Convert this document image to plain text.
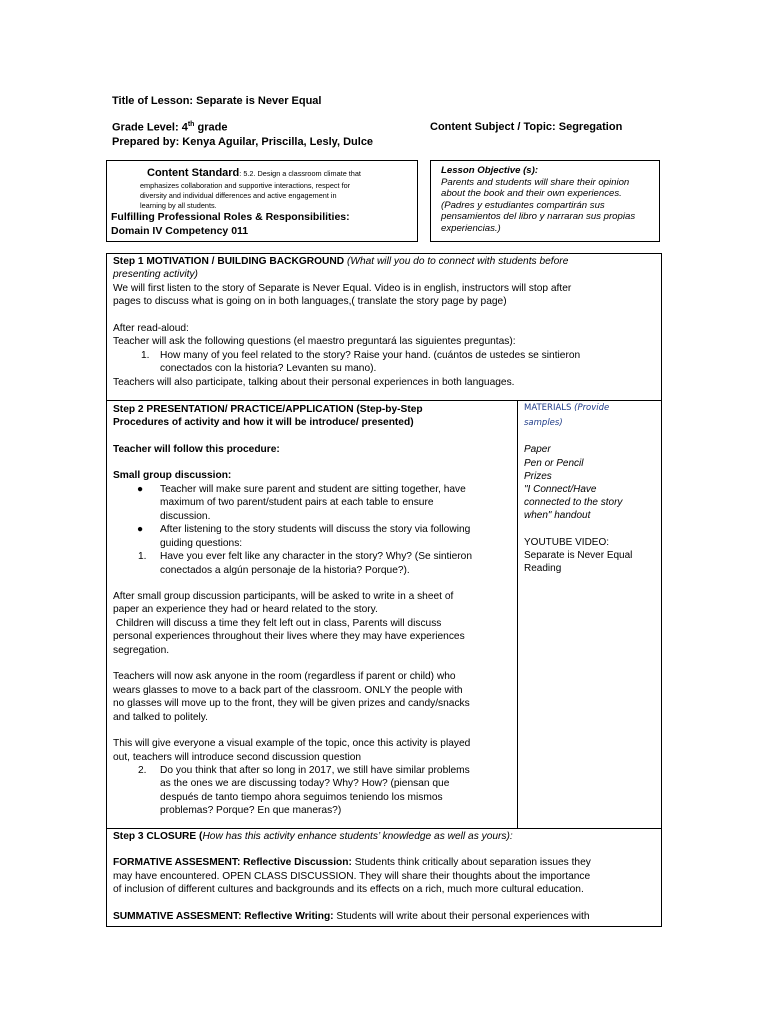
Title of Lesson: Separate is Never Equal
Grade Level: 4th grade
Prepared by: Kenya Aguilar, Priscilla, Lesly, Dulce
Content Subject / Topic: Segregation
Content Standard: 5.2. Design a classroom climate that
emphasizes collaboration and supportive interactions, respect for
diversity and individual differences and active engagement in
learning by all students.
Fulfilling Professional Roles & Responsibilities:
Domain IV Competency 011
Lesson Objective (s):
Parents and students will share their opinion
about the book and their own experiences.
(Padres y estudiantes compartirán sus
pensamientos del libro y narraran sus propias
experiencias.)
Step 1 MOTIVATION / BUILDING BACKGROUND (What will you do to connect with students before
presenting activity)
We will first listen to the story of Separate is Never Equal. Video is in english, instructors will stop after
pages to discuss what is going on in both languages,( translate the story page by page)
After read-aloud:
Teacher will ask the following questions (el maestro preguntará las siguientes preguntas):
1. How many of you feel related to the story? Raise your hand. (cuántos de ustedes se sintieron
conectados con la historia? Levanten su mano).
Teachers will also participate, talking about their personal experiences in both languages.
Step 2 PRESENTATION/ PRACTICE/APPLICATION (Step-by-Step
Procedures of activity and how it will be introduce/ presented)
Teacher will follow this procedure:
Small group discussion:
● Teacher will make sure parent and student are sitting together, have
maximum of two parent/student pairs at each table to ensure
discussion.
● After listening to the story students will discuss the story via following
guiding questions:
1. Have you ever felt like any character in the story? Why? (Se sintieron
conectados a algún personaje de la historia? Porque?).
After small group discussion participants, will be asked to write in a sheet of
paper an experience they had or heard related to the story.
Children will discuss a time they felt left out in class, Parents will discuss
personal experiences throughout their lives where they may have experiences
segregation.
Teachers will now ask anyone in the room (regardless if parent or child) who
wears glasses to move to a back part of the classroom. ONLY the people with
no glasses will move up to the front, they will be given prizes and candy/snacks
and talked to politely.
This will give everyone a visual example of the topic, once this activity is played
out, teachers will introduce second discussion question
2. Do you think that after so long in 2017, we still have similar problems
as the ones we are discussing today? Why? How? (piensan que
después de tanto tiempo ahora seguimos teniendo los mismos
problemas? Porque? En que maneras?)
MATERIALS (Provide
samples)
Paper
Pen or Pencil
Prizes
"I Connect/Have
connected to the story
when" handout
YOUTUBE VIDEO:
Separate is Never Equal
Reading
Step 3 CLOSURE (How has this activity enhance students’ knowledge as well as yours):
FORMATIVE ASSESMENT: Reflective Discussion: Students think critically about separation issues they
may have encountered. OPEN CLASS DISCUSSION. They will share their thoughts about the importance
of inclusion of different cultures and backgrounds and its effects on a rich, much more cultural education.
SUMMATIVE ASSESMENT: Reflective Writing: Students will write about their personal experiences with
